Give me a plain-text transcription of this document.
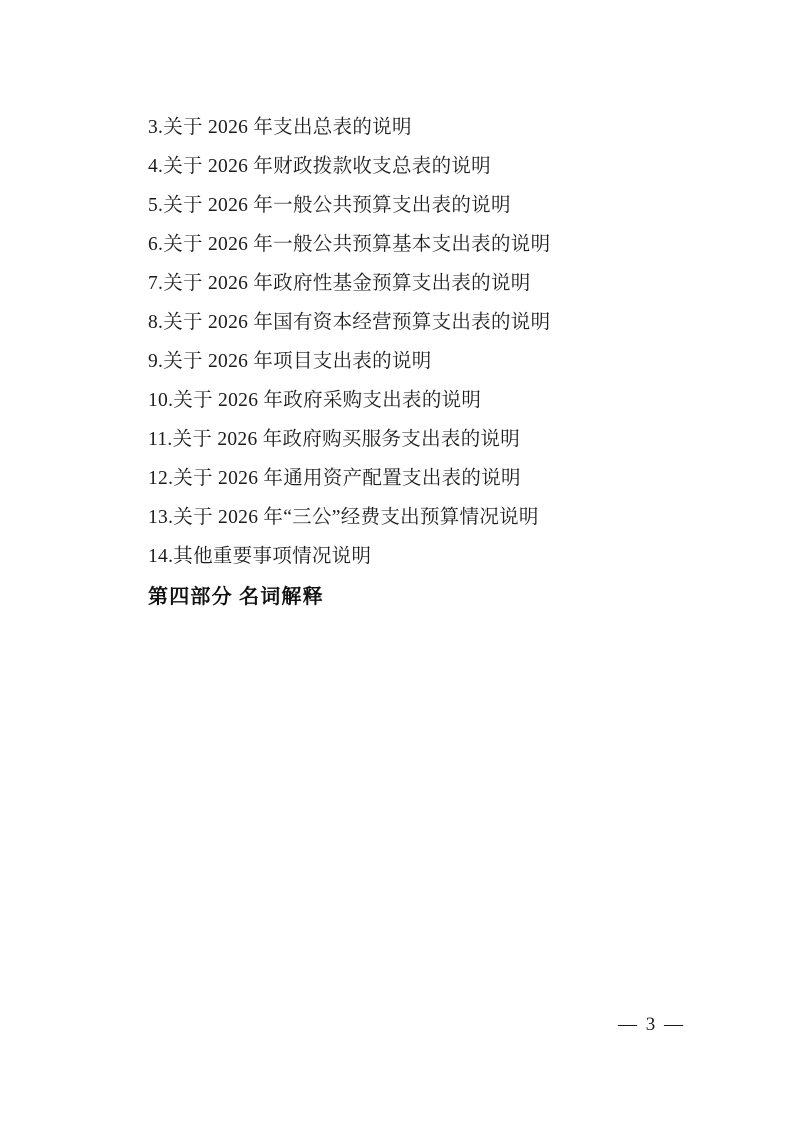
3.关于 2026 年支出总表的说明
4.关于 2026 年财政拨款收支总表的说明
5.关于 2026 年一般公共预算支出表的说明
6.关于 2026 年一般公共预算基本支出表的说明
7.关于 2026 年政府性基金预算支出表的说明
8.关于 2026 年国有资本经营预算支出表的说明
9.关于 2026 年项目支出表的说明
10.关于 2026 年政府采购支出表的说明
11.关于 2026 年政府购买服务支出表的说明
12.关于 2026 年通用资产配置支出表的说明
13.关于 2026 年“三公”经费支出预算情况说明
14.其他重要事项情况说明
第四部分 名词解释
— 3 —
